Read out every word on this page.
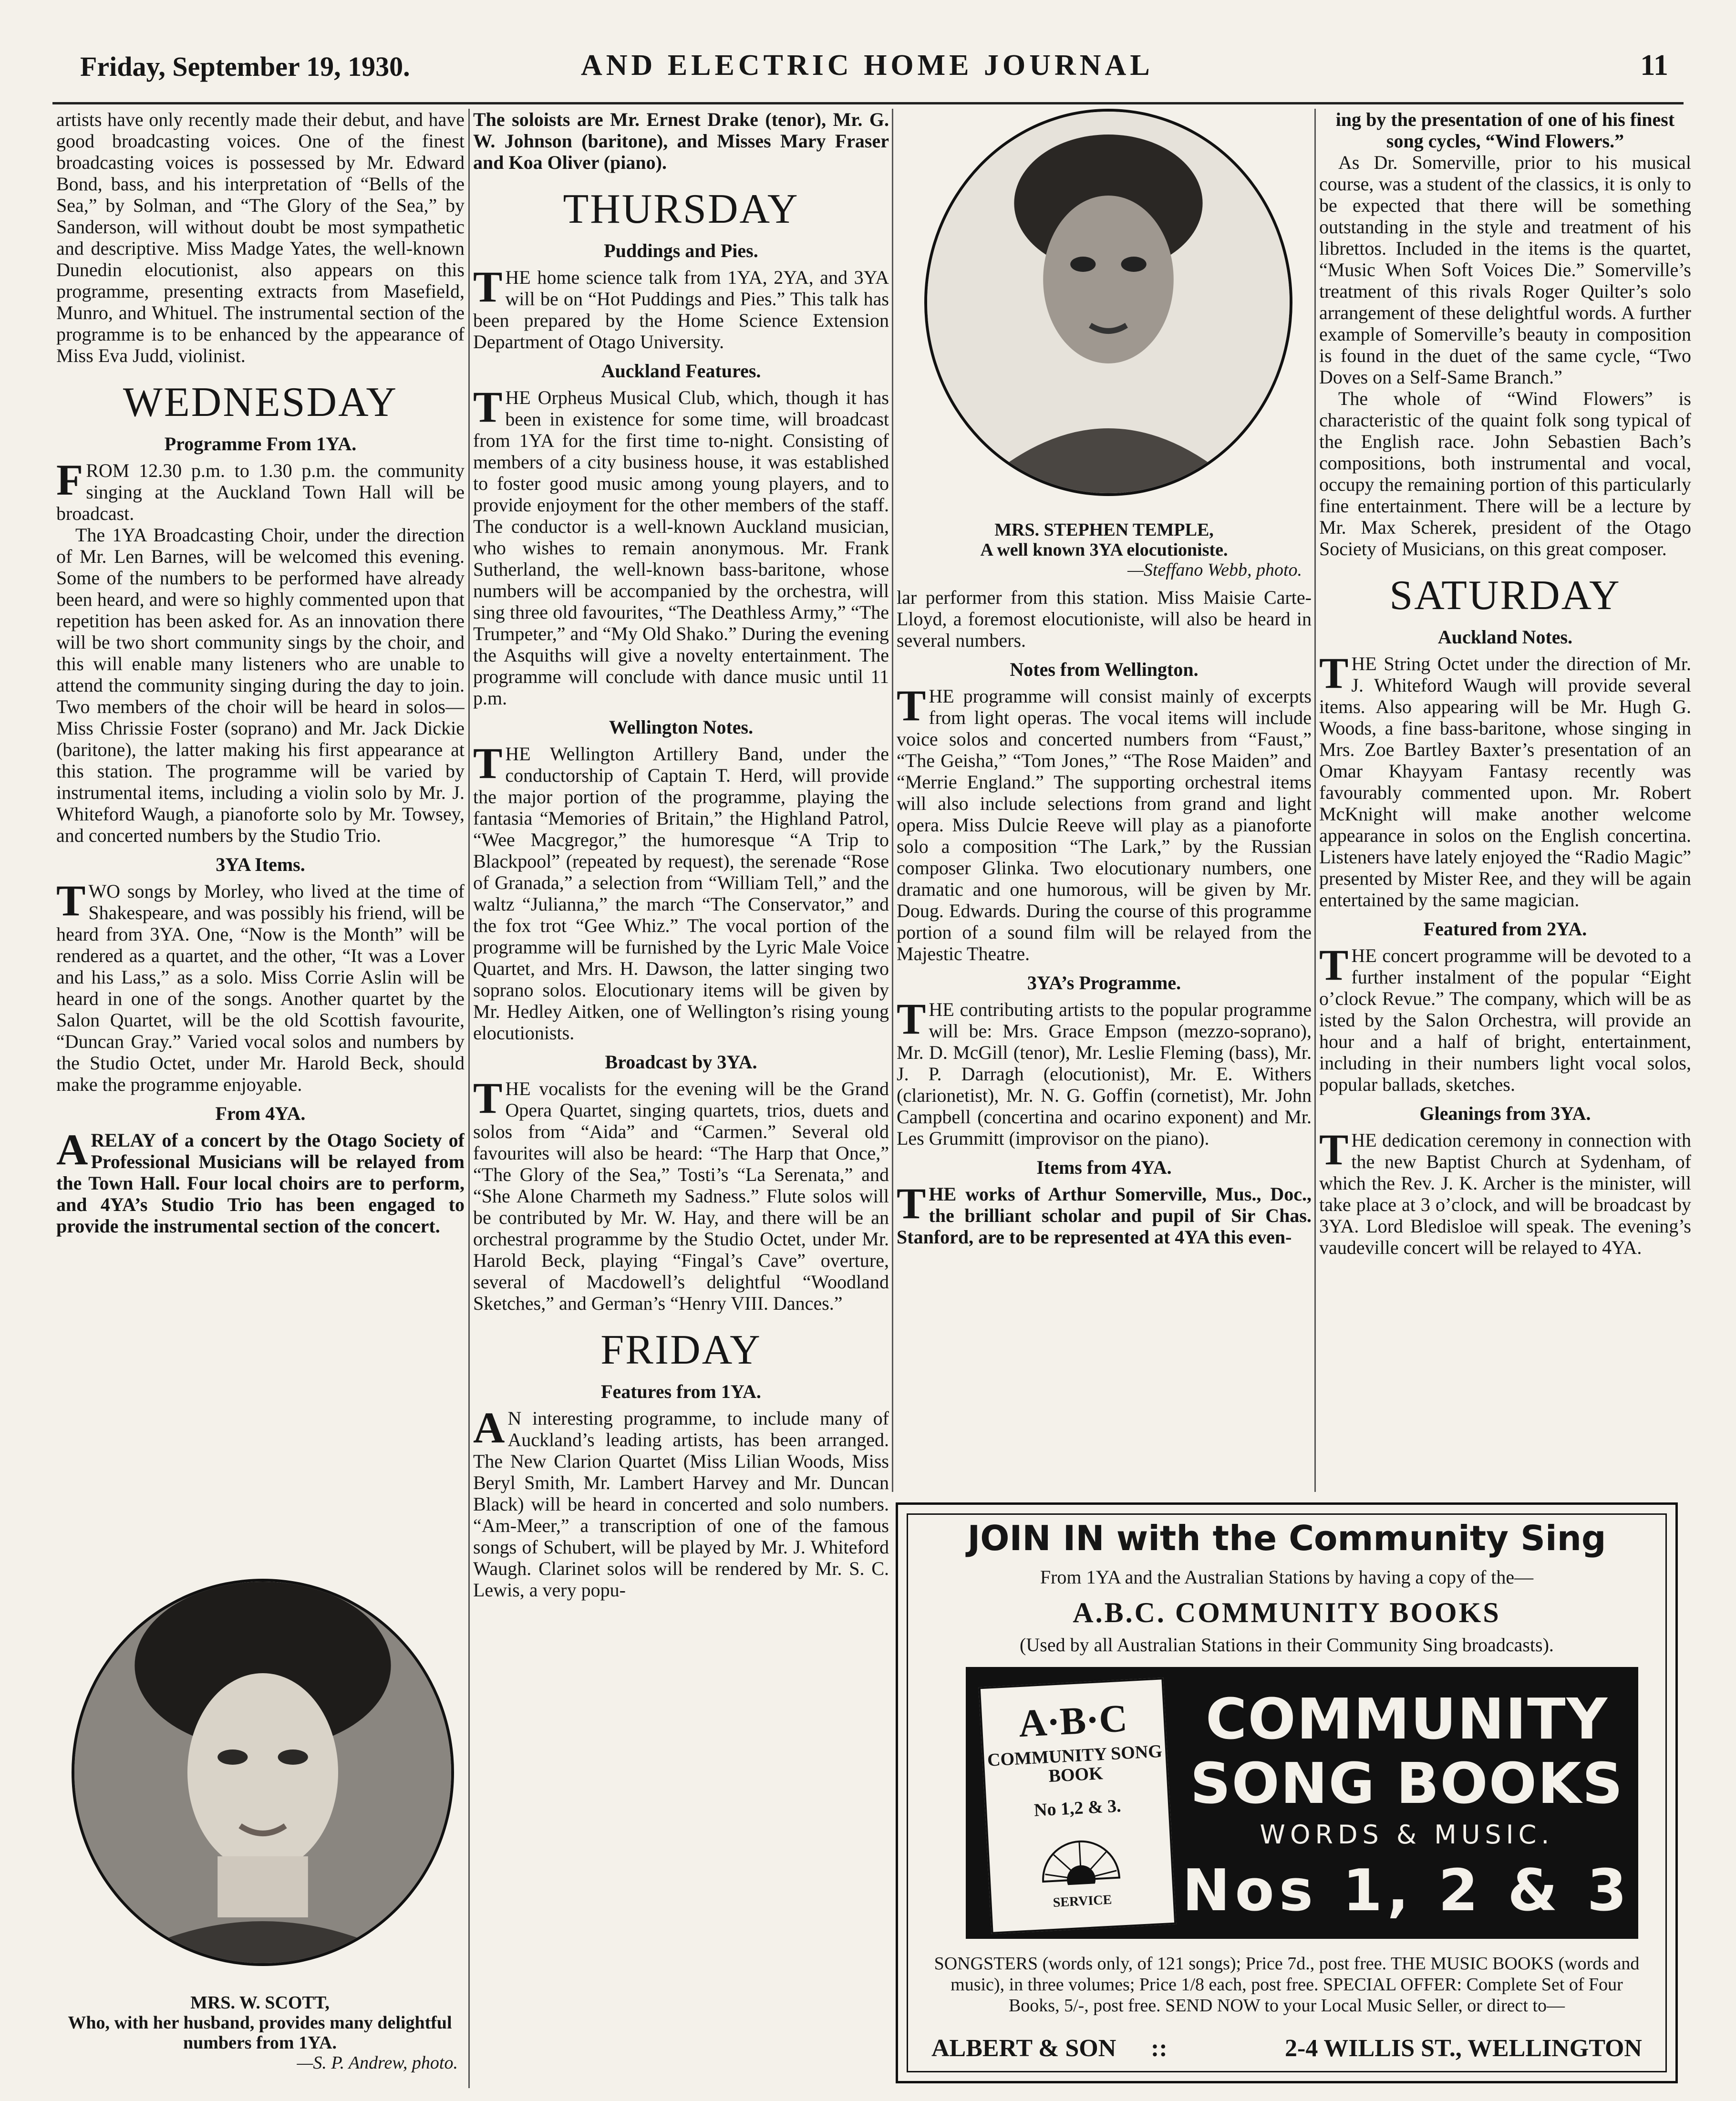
Friday, September 19, 1930.	AND ELECTRIC HOME JOURNAL	11

artists have only recently made their debut, and have good broadcasting voices. One of the finest broadcasting voices is possessed by Mr. Edward Bond, bass, and his interpretation of “Bells of the Sea,” by Solman, and “The Glory of the Sea,” by Sanderson, will without doubt be most sympathetic and descriptive. Miss Madge Yates, the well-known Dunedin elocutionist, also appears on this programme, presenting extracts from Masefield, Munro, and Whituel. The instrumental section of the programme is to be enhanced by the appearance of Miss Eva Judd, violinist.

WEDNESDAY
Programme From 1YA.

FROM 12.30 p.m. to 1.30 p.m. the community singing at the Auckland Town Hall will be broadcast.

The 1YA Broadcasting Choir, under the direction of Mr. Len Barnes, will be welcomed this evening. Some of the numbers to be performed have already been heard, and were so highly commented upon that repetition has been asked for. As an innovation there will be two short community sings by the choir, and this will enable many listeners who are unable to attend the community singing during the day to join. Two members of the choir will be heard in solos—Miss Chrissie Foster (soprano) and Mr. Jack Dickie (baritone), the latter making his first appearance at this station. The programme will be varied by instrumental items, including a violin solo by Mr. J. Whiteford Waugh, a pianoforte solo by Mr. Towsey, and concerted numbers by the Studio Trio.

3YA Items.

TWO songs by Morley, who lived at the time of Shakespeare, and was possibly his friend, will be heard from 3YA. One, “Now is the Month” will be rendered as a quartet, and the other, “It was a Lover and his Lass,” as a solo. Miss Corrie Aslin will be heard in one of the songs. Another quartet by the Salon Quartet, will be the old Scottish favourite, “Duncan Gray.” Varied vocal solos and numbers by the Studio Octet, under Mr. Harold Beck, should make the programme enjoyable.

From 4YA.

ARELAY of a concert by the Otago Society of Professional Musicians will be relayed from the Town Hall. Four local choirs are to perform, and 4YA’s Studio Trio has been engaged to provide the instrumental section of the concert.

MRS. W. SCOTT,
Who, with her husband, provides many delightful numbers from 1YA.
—S. P. Andrew, photo.

The soloists are Mr. Ernest Drake (tenor), Mr. G. W. Johnson (baritone), and Misses Mary Fraser and Koa Oliver (piano).

THURSDAY
Puddings and Pies.

THE home science talk from 1YA, 2YA, and 3YA will be on “Hot Puddings and Pies.” This talk has been prepared by the Home Science Extension Department of Otago University.

Auckland Features.

THE Orpheus Musical Club, which, though it has been in existence for some time, will broadcast from 1YA for the first time to-night. Consisting of members of a city business house, it was established to foster good music among young players, and to provide enjoyment for the other members of the staff. The conductor is a well-known Auckland musician, who wishes to remain anonymous. Mr. Frank Sutherland, the well-known bass-baritone, whose numbers will be accompanied by the orchestra, will sing three old favourites, “The Deathless Army,” “The Trumpeter,” and “My Old Shako.” During the evening the Asquiths will give a novelty entertainment. The programme will conclude with dance music until 11 p.m.

Wellington Notes.

THE Wellington Artillery Band, under the conductorship of Captain T. Herd, will provide the major portion of the programme, playing the fantasia “Memories of Britain,” the Highland Patrol, “Wee Macgregor,” the humoresque “A Trip to Blackpool” (repeated by request), the serenade “Rose of Granada,” a selection from “William Tell,” and the waltz “Julianna,” the march “The Conservator,” and the fox trot “Gee Whiz.” The vocal portion of the programme will be furnished by the Lyric Male Voice Quartet, and Mrs. H. Dawson, the latter singing two soprano solos. Elocutionary items will be given by Mr. Hedley Aitken, one of Wellington’s rising young elocutionists.

Broadcast by 3YA.

THE vocalists for the evening will be the Grand Opera Quartet, singing quartets, trios, duets and solos from “Aida” and “Carmen.” Several old favourites will also be heard: “The Harp that Once,” “The Glory of the Sea,” Tosti’s “La Serenata,” and “She Alone Charmeth my Sadness.” Flute solos will be contributed by Mr. W. Hay, and there will be an orchestral programme by the Studio Octet, under Mr. Harold Beck, playing “Fingal’s Cave” overture, several of Macdowell’s delightful “Woodland Sketches,” and German’s “Henry VIII. Dances.”

FRIDAY
Features from 1YA.

A N interesting programme, to include many of Auckland’s leading artists, has been arranged. The New Clarion Quartet (Miss Lilian Woods, Miss Beryl Smith, Mr. Lambert Harvey and Mr. Duncan Black) will be heard in concerted and solo numbers. “Am-Meer,” a transcription of one of the famous songs of Schubert, will be played by Mr. J. Whiteford Waugh. Clarinet solos will be rendered by Mr. S. C. Lewis, a very popu-

MRS. STEPHEN TEMPLE,
A well known 3YA elocutioniste.
—Steffano Webb, photo.

lar performer from this station. Miss Maisie Carte-Lloyd, a foremost elocutioniste, will also be heard in several numbers.

Notes from Wellington.

THE programme will consist mainly of excerpts from light operas. The vocal items will include voice solos and concerted numbers from “Faust,” “The Geisha,” “Tom Jones,” “The Rose Maiden” and “Merrie England.” The supporting orchestral items will also include selections from grand and light opera. Miss Dulcie Reeve will play as a pianoforte solo a composition “The Lark,” by the Russian composer Glinka. Two elocutionary numbers, one dramatic and one humorous, will be given by Mr. Doug. Edwards. During the course of this programme portion of a sound film will be relayed from the Majestic Theatre.

3YA’s Programme.

THE contributing artists to the popular programme will be: Mrs. Grace Empson (mezzo-soprano), Mr. D. McGill (tenor), Mr. Leslie Fleming (bass), Mr. J. P. Darragh (elocutionist), Mr. E. Withers (clarionetist), Mr. N. G. Goffin (cornetist), Mr. John Campbell (concertina and ocarino exponent) and Mr. Les Grummitt (improvisor on the piano).

Items from 4YA.

THE works of Arthur Somerville, Mus., Doc., the brilliant scholar and pupil of Sir Chas. Stanford, are to be represented at 4YA this even-

ing by the presentation of one of his finest song cycles, “Wind Flowers.”

As Dr. Somerville, prior to his musical course, was a student of the classics, it is only to be expected that there will be something outstanding in the style and treatment of his librettos. Included in the items is the quartet, “Music When Soft Voices Die.” Somerville’s treatment of this rivals Roger Quilter’s solo arrangement of these delightful words. A further example of Somerville’s beauty in composition is found in the duet of the same cycle, “Two Doves on a Self-Same Branch.”

The whole of “Wind Flowers” is characteristic of the quaint folk song typical of the English race. John Sebastien Bach’s compositions, both instrumental and vocal, occupy the remaining portion of this particularly fine entertainment. There will be a lecture by Mr. Max Scherek, president of the Otago Society of Musicians, on this great composer.

SATURDAY
Auckland Notes.

THE String Octet under the direction of Mr. J. Whiteford Waugh will provide several items. Also appearing will be Mr. Hugh G. Woods, a fine bass-baritone, whose singing in Mrs. Zoe Bartley Baxter’s presentation of an Omar Khayyam Fantasy recently was favourably commented upon. Mr. Robert McKnight will make another welcome appearance in solos on the English concertina. Listeners have lately enjoyed the “Radio Magic” presented by Mister Ree, and they will be again entertained by the same magician.

Featured from 2YA.

THE concert programme will be devoted to a further instalment of the popular “Eight o’clock Revue.” The company, which will be as isted by the Salon Orchestra, will provide an hour and a half of bright, entertainment, including in their numbers light vocal solos, popular ballads, sketches.

Gleanings from 3YA.

THE dedication ceremony in connection with the new Baptist Church at Sydenham, of which the Rev. J. K. Archer is the minister, will take place at 3 o’clock, and will be broadcast by 3YA. Lord Bledisloe will speak. The evening’s vaudeville concert will be relayed to 4YA.

JOIN IN with the Community Sing
From 1YA and the Australian Stations by having a copy of the—
A.B.C. COMMUNITY BOOKS
(Used by all Australian Stations in their Community Sing broadcasts).
A·B·C
COMMUNITY SONG BOOK
No 1,2 & 3.
SERVICE
COMMUNITY
SONG BOOKS
WORDS & MUSIC.
Nos 1, 2 & 3
SONGSTERS (words only, of 121 songs); Price 7d., post free. THE MUSIC BOOKS (words and music), in three volumes; Price 1/8 each, post free. SPECIAL OFFER: Complete Set of Four Books, 5/-, post free. SEND NOW to your Local Music Seller, or direct to—
ALBERT & SON ::	2-4 WILLIS ST., WELLINGTON
